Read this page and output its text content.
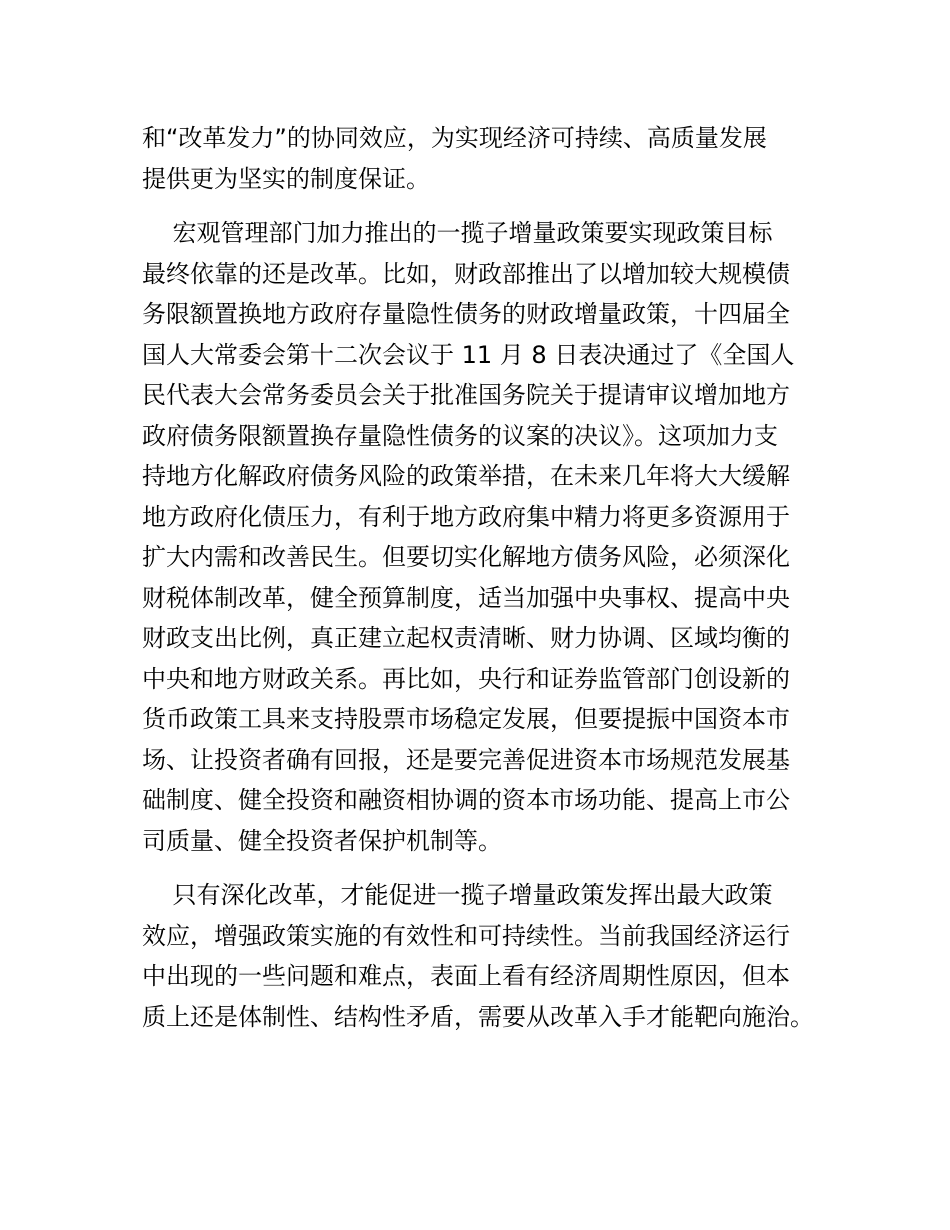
和“改革发力”的协同效应，为实现经济可持续、高质量发展
提供更为坚实的制度保证。
宏观管理部门加力推出的一揽子增量政策要实现政策目标
最终依靠的还是改革。比如，财政部推出了以增加较大规模债
务限额置换地方政府存量隐性债务的财政增量政策，十四届全
国人大常委会第十二次会议于 11 月 8 日表决通过了《全国人
民代表大会常务委员会关于批准国务院关于提请审议增加地方
政府债务限额置换存量隐性债务的议案的决议》。这项加力支
持地方化解政府债务风险的政策举措，在未来几年将大大缓解
地方政府化债压力，有利于地方政府集中精力将更多资源用于
扩大内需和改善民生。但要切实化解地方债务风险，必须深化
财税体制改革，健全预算制度，适当加强中央事权、提高中央
财政支出比例，真正建立起权责清晰、财力协调、区域均衡的
中央和地方财政关系。再比如，央行和证券监管部门创设新的
货币政策工具来支持股票市场稳定发展，但要提振中国资本市
场、让投资者确有回报，还是要完善促进资本市场规范发展基
础制度、健全投资和融资相协调的资本市场功能、提高上市公
司质量、健全投资者保护机制等。
只有深化改革，才能促进一揽子增量政策发挥出最大政策
效应，增强政策实施的有效性和可持续性。当前我国经济运行
中出现的一些问题和难点，表面上看有经济周期性原因，但本
质上还是体制性、结构性矛盾，需要从改革入手才能靶向施治。
